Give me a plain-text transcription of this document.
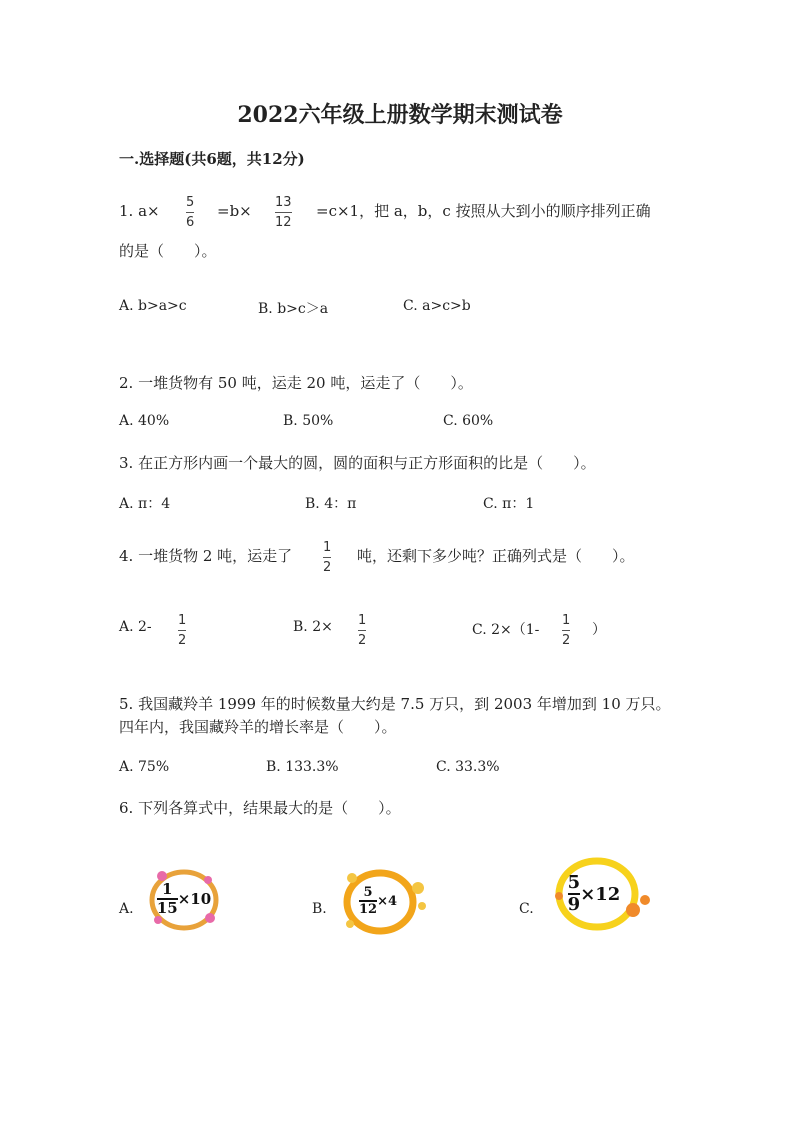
2022六年级上册数学期末测试卷
一.选择题(共6题，共12分)
1. a× 5
6
=b× 13
12
=c×1，把 a，b，c 按照从大到小的顺序排列正确
的是（　　）。
A. b>a>c	B. b>c＞a	C. a>c>b
2. 一堆货物有 50 吨，运走 20 吨，运走了（　　）。
A. 40%	B. 50%	C. 60%
3. 在正方形内画一个最大的圆，圆的面积与正方形面积的比是（　　）。
A. π：4	B. 4：π	C. π：1
4. 一堆货物 2 吨，运走了 1
2
吨，还剩下多少吨？正确列式是（　　）。
A. 2- 1
2
B. 2× 1
2
C. 2×（1-
1
2
）
5. 我国藏羚羊 1999 年的时候数量大约是 7.5 万只，到 2003 年增加到 10 万只。
四年内，我国藏羚羊的增长率是（　　）。
A. 75%	B. 133.3%	C. 33.3%
6. 下列各算式中，结果最大的是（　　）。
A.
1
15 ×10
B.
5
12
×4	C.
5
9 ×12
